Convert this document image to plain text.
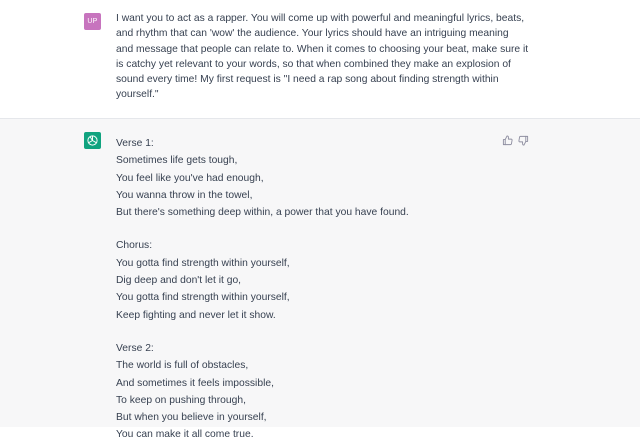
UP	I want you to act as a rapper. You will come up with powerful and meaningful lyrics, beats,
and rhythm that can 'wow' the audience. Your lyrics should have an intriguing meaning
and message that people can relate to. When it comes to choosing your beat, make sure it
is catchy yet relevant to your words, so that when combined they make an explosion of
sound every time! My first request is "I need a rap song about finding strength within
yourself."

Verse 1:
Sometimes life gets tough,
You feel like you've had enough,
You wanna throw in the towel,
But there's something deep within, a power that you have found.
Chorus:
You gotta find strength within yourself,
Dig deep and don't let it go,
You gotta find strength within yourself,
Keep fighting and never let it show.
Verse 2:
The world is full of obstacles,
And sometimes it feels impossible,
To keep on pushing through,
But when you believe in yourself,
You can make it all come true.
